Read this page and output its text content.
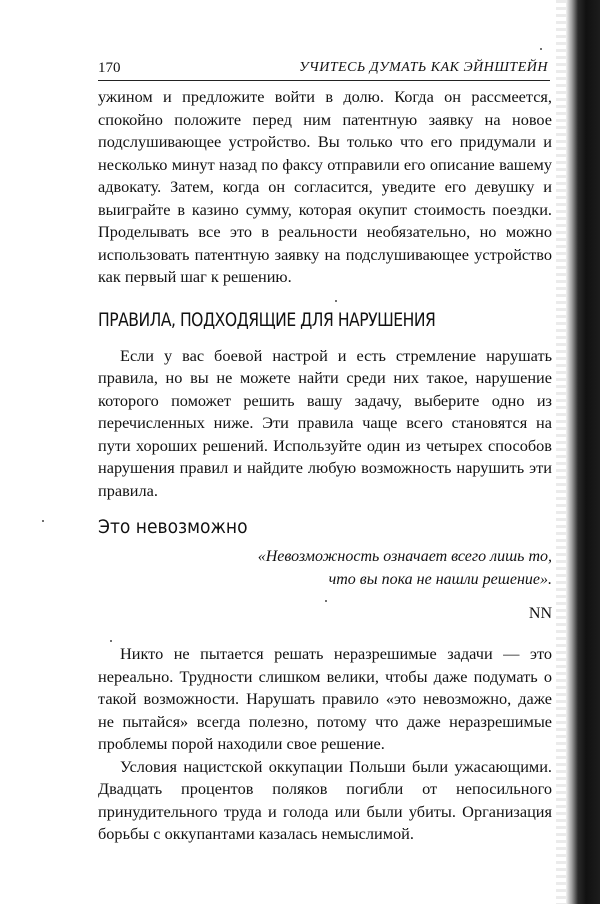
170	УЧИТЕСЬ ДУМАТЬ КАК ЭЙНШТЕЙН

ужином и предложите войти в долю. Когда он рассмеется, спокойно положите перед ним патентную заявку на новое подслушивающее устройство. Вы только что его придумали и несколько минут назад по факсу отправили его описание вашему адвокату. Затем, когда он согласится, уведите его девушку и выиграйте в казино сумму, которая окупит стоимость поездки. Проделывать все это в реальности необязательно, но можно использовать патентную заявку на подслушивающее устройство как первый шаг к решению.

ПРАВИЛА, ПОДХОДЯЩИЕ ДЛЯ НАРУШЕНИЯ

Если у вас боевой настрой и есть стремление нарушать правила, но вы не можете найти среди них такое, нарушение которого поможет решить вашу задачу, выберите одно из перечисленных ниже. Эти правила чаще всего становятся на пути хороших решений. Используйте один из четырех способов нарушения правил и найдите любую возможность нарушить эти правила.

Это невозможно
«Невозможность означает всего лишь то,
что вы пока не нашли решение».
NN

Никто не пытается решать неразрешимые задачи — это нереально. Трудности слишком велики, чтобы даже подумать о такой возможности. Нарушать правило «это невозможно, даже не пытайся» всегда полезно, потому что даже неразрешимые проблемы порой находили свое решение.

Условия нацистской оккупации Польши были ужасающими. Двадцать процентов поляков погибли от непосильного принудительного труда и голода или были убиты. Организация борьбы с оккупантами казалась немыслимой.
